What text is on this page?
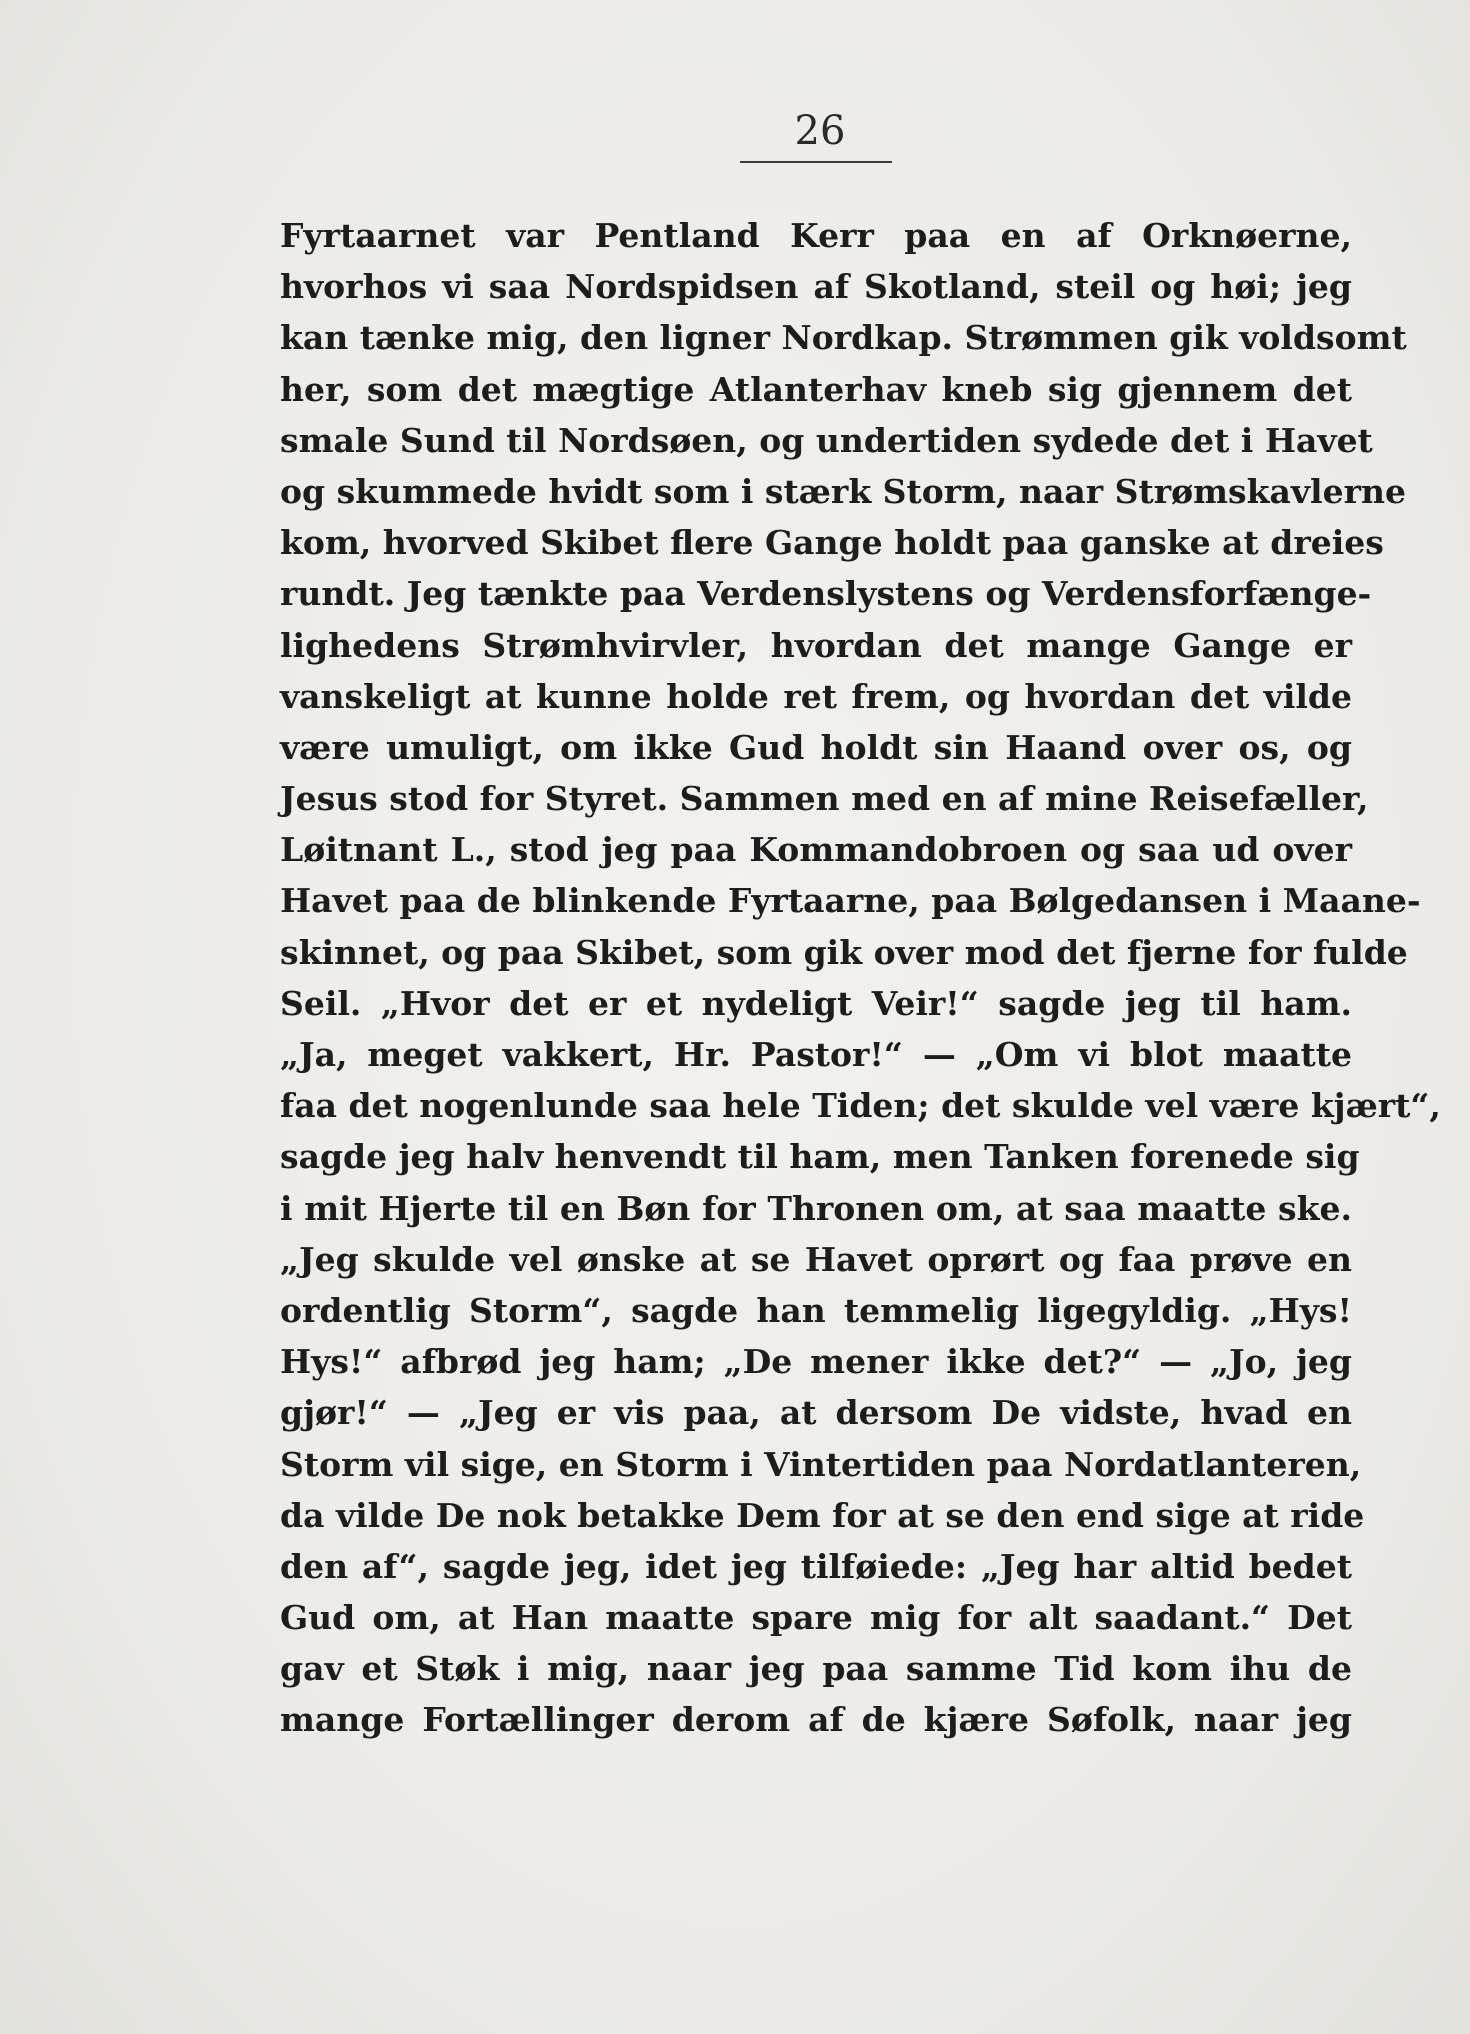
26
Fyrtaarnet var Pentland Kerr paa en af Orknøerne,
hvorhos vi saa Nordspidsen af Skotland, steil og høi; jeg
kan tænke mig, den ligner Nordkap. Strømmen gik voldsomt
her, som det mægtige Atlanterhav kneb sig gjennem det
smale Sund til Nordsøen, og undertiden sydede det i Havet
og skummede hvidt som i stærk Storm, naar Strømskavlerne
kom, hvorved Skibet flere Gange holdt paa ganske at dreies
rundt. Jeg tænkte paa Verdenslystens og Verdensforfænge-
lighedens Strømhvirvler, hvordan det mange Gange er
vanskeligt at kunne holde ret frem, og hvordan det vilde
være umuligt, om ikke Gud holdt sin Haand over os, og
Jesus stod for Styret. Sammen med en af mine Reisefæller,
Løitnant L., stod jeg paa Kommandobroen og saa ud over
Havet paa de blinkende Fyrtaarne, paa Bølgedansen i Maane-
skinnet, og paa Skibet, som gik over mod det fjerne for fulde
Seil. „Hvor det er et nydeligt Veir!“ sagde jeg til ham.
„Ja, meget vakkert, Hr. Pastor!“ — „Om vi blot maatte
faa det nogenlunde saa hele Tiden; det skulde vel være kjært“,
sagde jeg halv henvendt til ham, men Tanken forenede sig
i mit Hjerte til en Bøn for Thronen om, at saa maatte ske.
„Jeg skulde vel ønske at se Havet oprørt og faa prøve en
ordentlig Storm“, sagde han temmelig ligegyldig. „Hys!
Hys!“ afbrød jeg ham; „De mener ikke det?“ — „Jo, jeg
gjør!“ — „Jeg er vis paa, at dersom De vidste, hvad en
Storm vil sige, en Storm i Vintertiden paa Nordatlanteren,
da vilde De nok betakke Dem for at se den end sige at ride
den af“, sagde jeg, idet jeg tilføiede: „Jeg har altid bedet
Gud om, at Han maatte spare mig for alt saadant.“ Det
gav et Støk i mig, naar jeg paa samme Tid kom ihu de
mange Fortællinger derom af de kjære Søfolk, naar jeg
